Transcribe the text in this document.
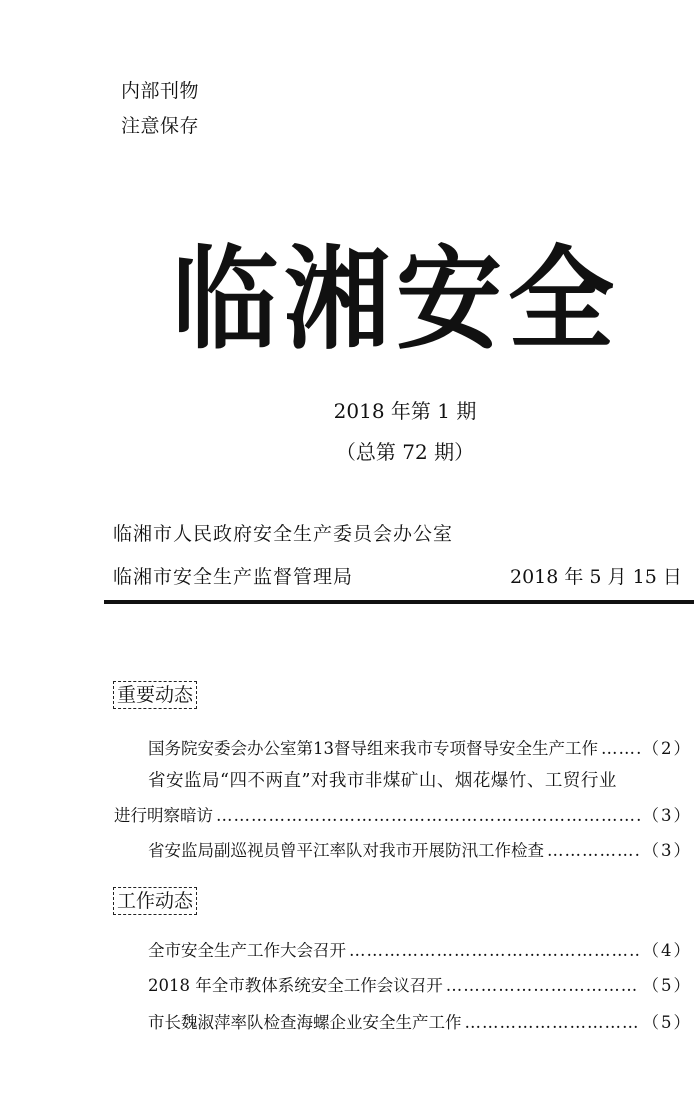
内部刊物
注意保存
临湘安全
2018 年第 1 期
（总第 72 期）
临湘市人民政府安全生产委员会办公室
临湘市安全生产监督管理局	2018 年 5 月 15 日
重要动态
国务院安委会办公室第13督导组来我市专项督导安全生产工作 ……………………………………………………………………………………………………………………	（2）
省安监局“四不两直”对我市非煤矿山、烟花爆竹、工贸行业
进行明察暗访 ……………………………………………………………………………………………………………………	（3）
省安监局副巡视员曾平江率队对我市开展防汛工作检查 ……………………………………………………………………………………………………………………	（3）
工作动态
全市安全生产工作大会召开 ……………………………………………………………………………………………………………………	（4）
2018 年全市教体系统安全工作会议召开 ……………………………………………………………………………………………………………………	（5）
市长魏淑萍率队检查海螺企业安全生产工作 ……………………………………………………………………………………………………………………	（5）
